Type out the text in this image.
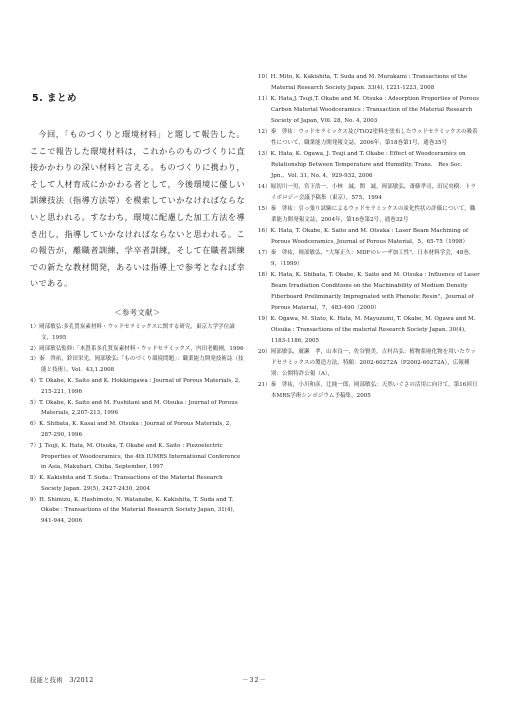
5. まとめ

今回，「ものづくりと環境材料」と題して報告した。ここで報告した環境材料は，これからのものづくりに直接かかわりの深い材料と言える。ものづくりに携わり，そして人材育成にかかわる者として，今後環境に優しい訓練技法（指導方法等）を模索していかなければならないと思われる。すなわち，環境に配慮した加工方法を導き出し，指導していかなければならないと思われる。この報告が，離職者訓練，学卒者訓練，そして在職者訓練での新たな教材開発，あるいは指導上で参考となれば幸いである。

＜参考文献＞

1）岡部敏弘:多孔質炭素材料・ウッドセラミックスに関する研究，東京大学学位論文，1995

2）岡部敏弘監修:「木質系多孔質炭素材料・ウッドセラミックス，内田老鶴圃，1996

3）秦　啓祐，鈴田栄光，岡部敏弘:「ものづくり環境問題」：職業能力開発技術誌（技能と技術），Vol．43,1.2008

4）T. Okabe, K. Saito and K. Hokkirigawa : Journal of Porous Materials, 2, 215-221, 1996

5）T. Okabe, K. Saito and M. Fushitani and M. Otsuka : Journal of Porous Materials, 2,207-213, 1996

6）K. Shibata, K. Kasai and M. Otsuka : Journal of Porous Materials, 2, 287-290, 1996

7）J. Tsuji, K. Hata, M. Otsuka, T. Okabe and K. Saito : Piezoelectric Properties of Woodceramics, the 4th IUMRS International Conference in Asia, Makuhari, Chiba, September, 1997

8）K. Kakishita and T. Suda.: Transactions of the Material Research Society Japan. 29(5), 2427-2430, 2004

9）H. Shimizu, K. Hashimoto, N. Watanabe, K. Kakishita, T. Suda and T. Okabe : Transactions of the Material Research Society Japan, 31(4), 941-944, 2006

10）H. Mito, K. Kakishita, T. Suda and M. Murakami : Transactions of the Material Research Society Japan. 33(4), 1221-1223, 2008

11）K. Hata,J. Tsuji,T. Okabe and M. Otsuka : Adsorption Properties of Porous Carbon Material Woodceramics : Transaction of the Material Research Society of Japan, V0l. 28, No. 4, 2003

12）秦　啓祐：ウッドセラミックス及びTiO2塗料を塗布したウッドセラミックスの吸着性について，職業能力開発報文誌，2006年，第18巻第1号，通巻35号

13）K. Hata, K. Ogawa, J. Tsuji and T. Okabe : Effect of Woodceramics on Relationship Between Temperature and Humidity. Trans.　Res Soc.　Jpn.，Vol. 31, No. 4，929-932, 2006

14）堀切川一男，宮下浩一，小林　誠，関　誠，岡部敏弘，斎藤孝司，田尻央樹：トライボロジー会議予稿集（東京），575，1994

15）秦　啓祐：引っ張り試験によるウッドセラミックスの炭化性状の評価について，職業能力開発報文誌，2004年，第16巻第2号，通巻32号

16）K. Hata, T. Okabe, K. Saito and M. Otsuka : Laser Beam Machining of Porous Woodceramics, Journal of Porous Material，5，65-75（1998）

17）秦　啓祐，岡部敏弘，"大塚正久：MDFのレーザ加工性"，日本材料学会，48巻，9，（1999）

18）K. Hata, K. Shibata, T. Okabe, K. Saito and M. Otsuka : Influence of Laser Beam Irradiation Conditions on the Machinability of Medium Density Fiberboard Preliminarily Impregnated with Phenolic Resin"，Journal of Porous Material，7，483-490（2000）

19）K. Ogawa, M. Stato, K. Hata, M. Mayuzumi, T. Okabe, M. Ogawa and M. Otsuka : Transactions of the material Research Society Japan, 30(4), 1183-1186, 2005

20）岡部敏弘，廣瀬　孝，山本良一，佐谷賢美，吉村昌弘：植物系廃化物を用いたウッドセラミックスの製造方法，特願：2002-60272A（P2002-60272A），広報種別：公開特許公報（A），

21）秦　啓祐，小川和彦，辻純一郎，岡部敏弘：天然いぐさの活用に向けて，第16回日本MRS学術シンポジウム予稿集，2005

技能と技術　3/2012	－32－
